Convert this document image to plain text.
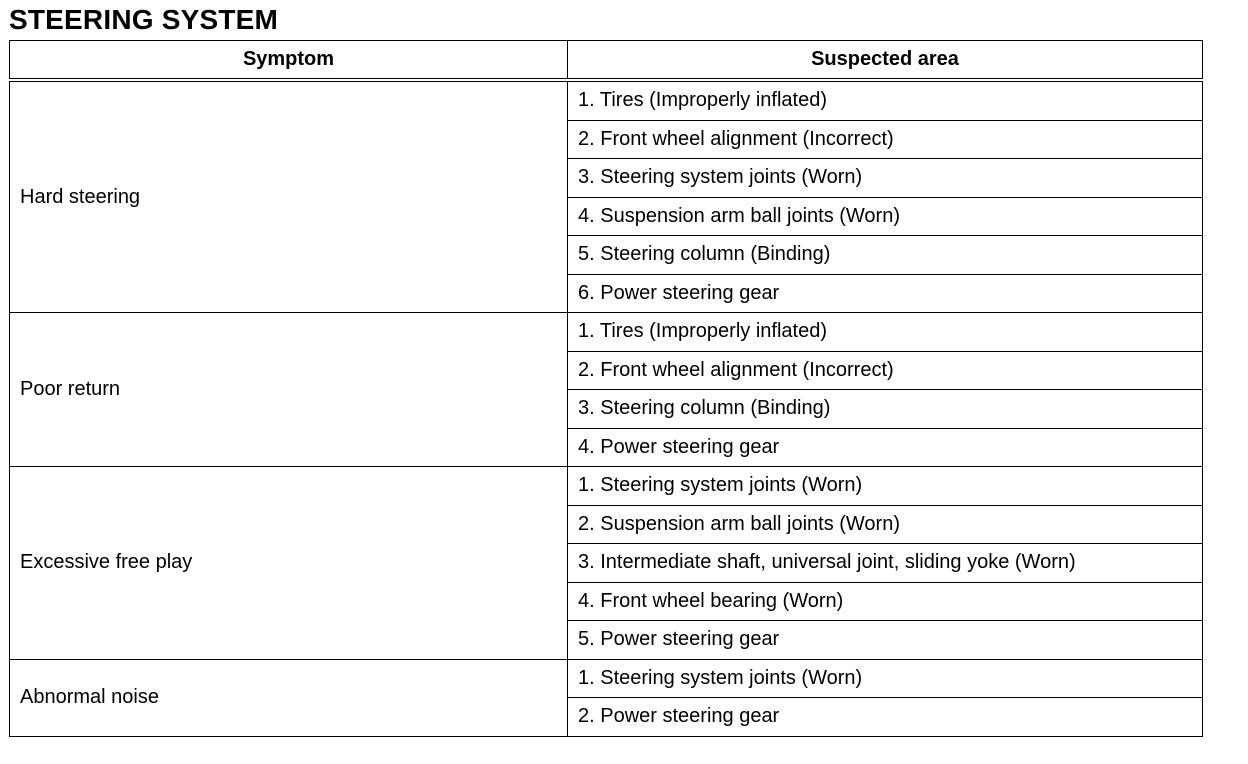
STEERING SYSTEM
Symptom	Suspected area
Hard steering	1. Tires (Improperly inflated)
	2. Front wheel alignment (Incorrect)
	3. Steering system joints (Worn)
	4. Suspension arm ball joints (Worn)
	5. Steering column (Binding)
	6. Power steering gear
Poor return	1. Tires (Improperly inflated)
	2. Front wheel alignment (Incorrect)
	3. Steering column (Binding)
	4. Power steering gear
Excessive free play	1. Steering system joints (Worn)
	2. Suspension arm ball joints (Worn)
	3. Intermediate shaft, universal joint, sliding yoke (Worn)
	4. Front wheel bearing (Worn)
	5. Power steering gear
Abnormal noise	1. Steering system joints (Worn)
	2. Power steering gear
